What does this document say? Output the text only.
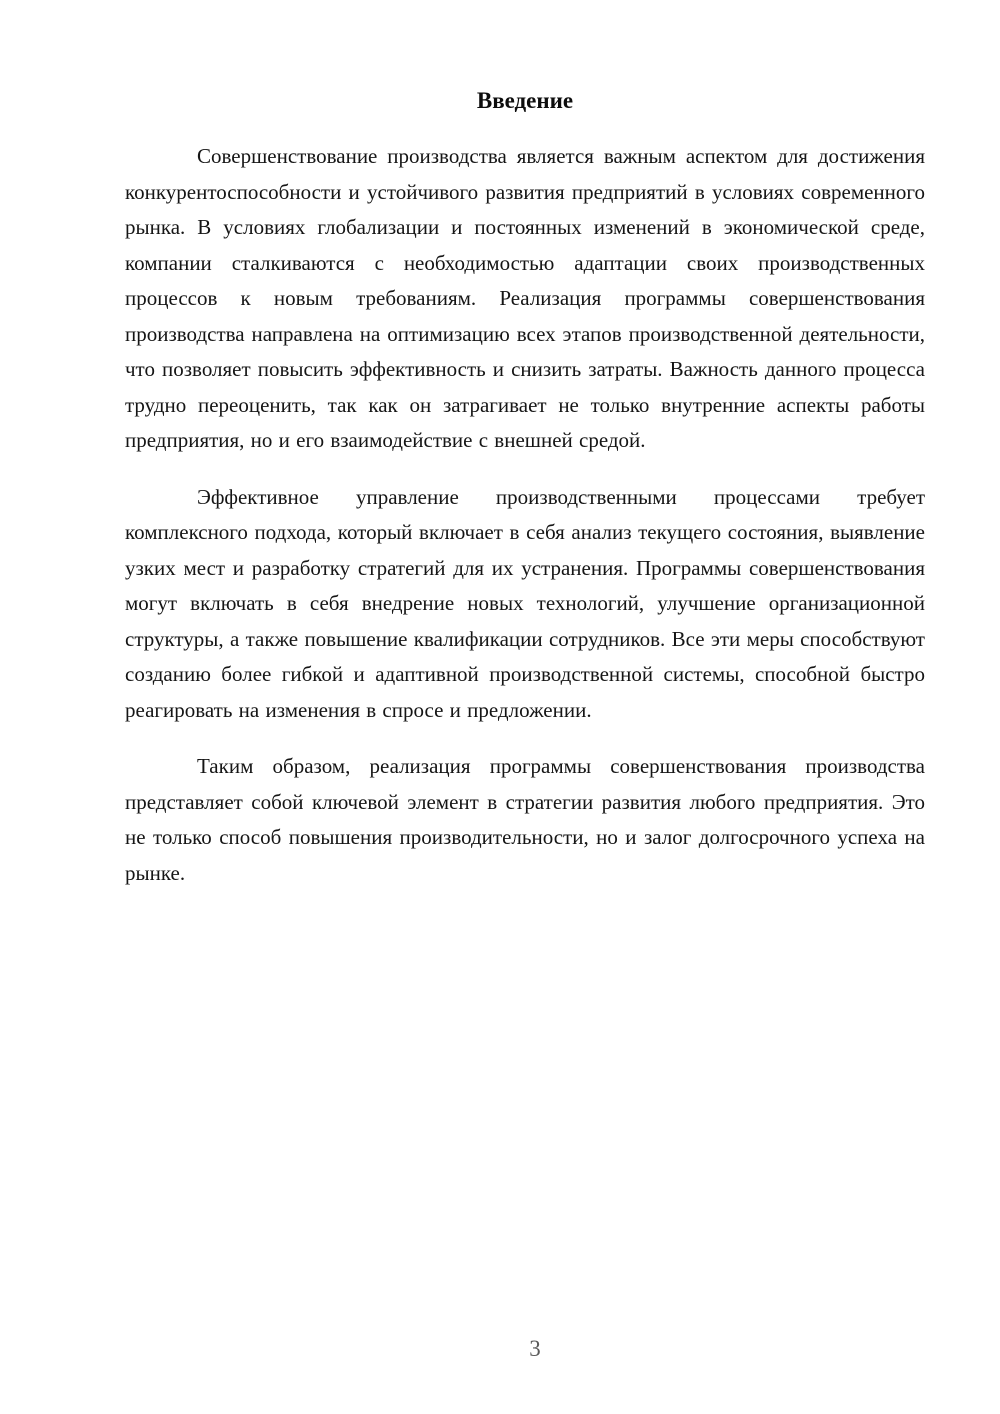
Введение

Совершенствование производства является важным аспектом для достижения конкурентоспособности и устойчивого развития предприятий в условиях современного рынка. В условиях глобализации и постоянных изменений в экономической среде, компании сталкиваются с необходимостью адаптации своих производственных процессов к новым требованиям. Реализация программы совершенствования производства направлена на оптимизацию всех этапов производственной деятельности, что позволяет повысить эффективность и снизить затраты. Важность данного процесса трудно переоценить, так как он затрагивает не только внутренние аспекты работы предприятия, но и его взаимодействие с внешней средой.

Эффективное управление производственными процессами требует комплексного подхода, который включает в себя анализ текущего состояния, выявление узких мест и разработку стратегий для их устранения. Программы совершенствования могут включать в себя внедрение новых технологий, улучшение организационной структуры, а также повышение квалификации сотрудников. Все эти меры способствуют созданию более гибкой и адаптивной производственной системы, способной быстро реагировать на изменения в спросе и предложении.

Таким образом, реализация программы совершенствования производства представляет собой ключевой элемент в стратегии развития любого предприятия. Это не только способ повышения производительности, но и залог долгосрочного успеха на рынке.

3
